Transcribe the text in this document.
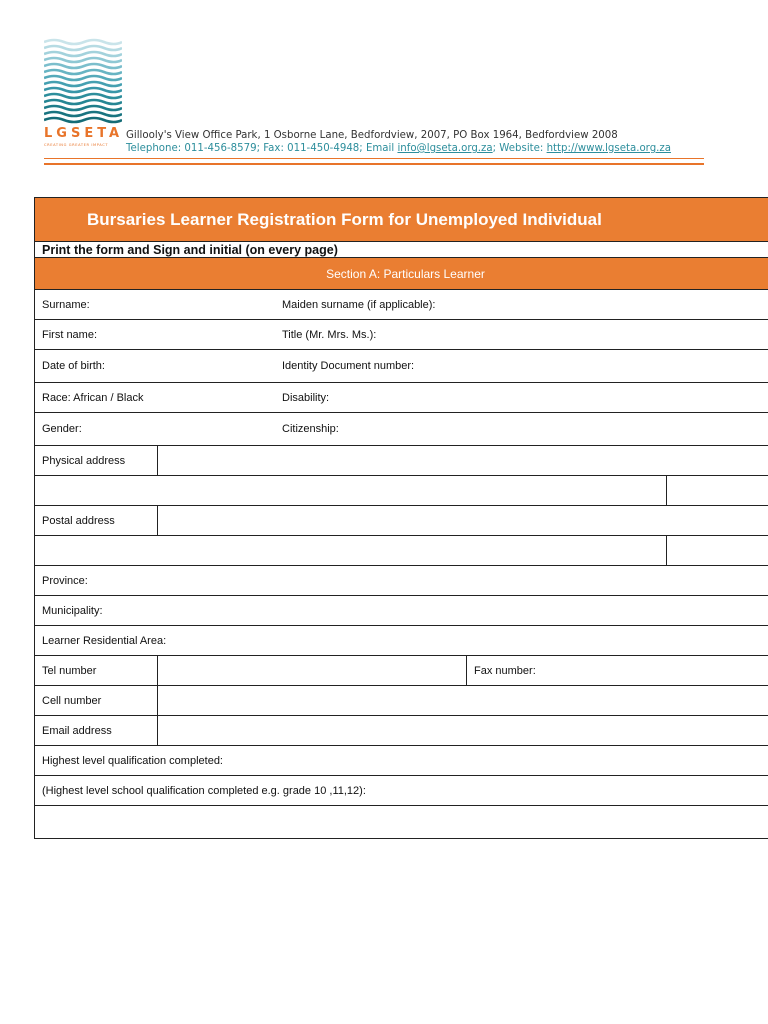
LGSETA
CREATING GREATER IMPACT
Gillooly's View Office Park, 1 Osborne Lane, Bedfordview, 2007, PO Box 1964, Bedfordview 2008
Telephone: 011-456-8579; Fax: 011-450-4948; Email info@lgseta.org.za; Website: http://www.lgseta.org.za
Bursaries Learner Registration Form for Unemployed Individual			
Print the form and Sign and initial (on every page)			
Section A: Particulars Learner			
Surname: Maiden surname (if applicable):			
First name: Title (Mr. Mrs. Ms.):			
Date of birth: Identity Document number:			
Race: African / Black Disability:			
Gender: Citizenship:			
Physical address			

Postal address			

Province:			
Municipality:			
Learner Residential Area:			
Tel number		Fax number:	
Cell number			
Email address			
Highest level qualification completed:			
(Highest level school qualification completed e.g. grade 10 ,11,12):			
